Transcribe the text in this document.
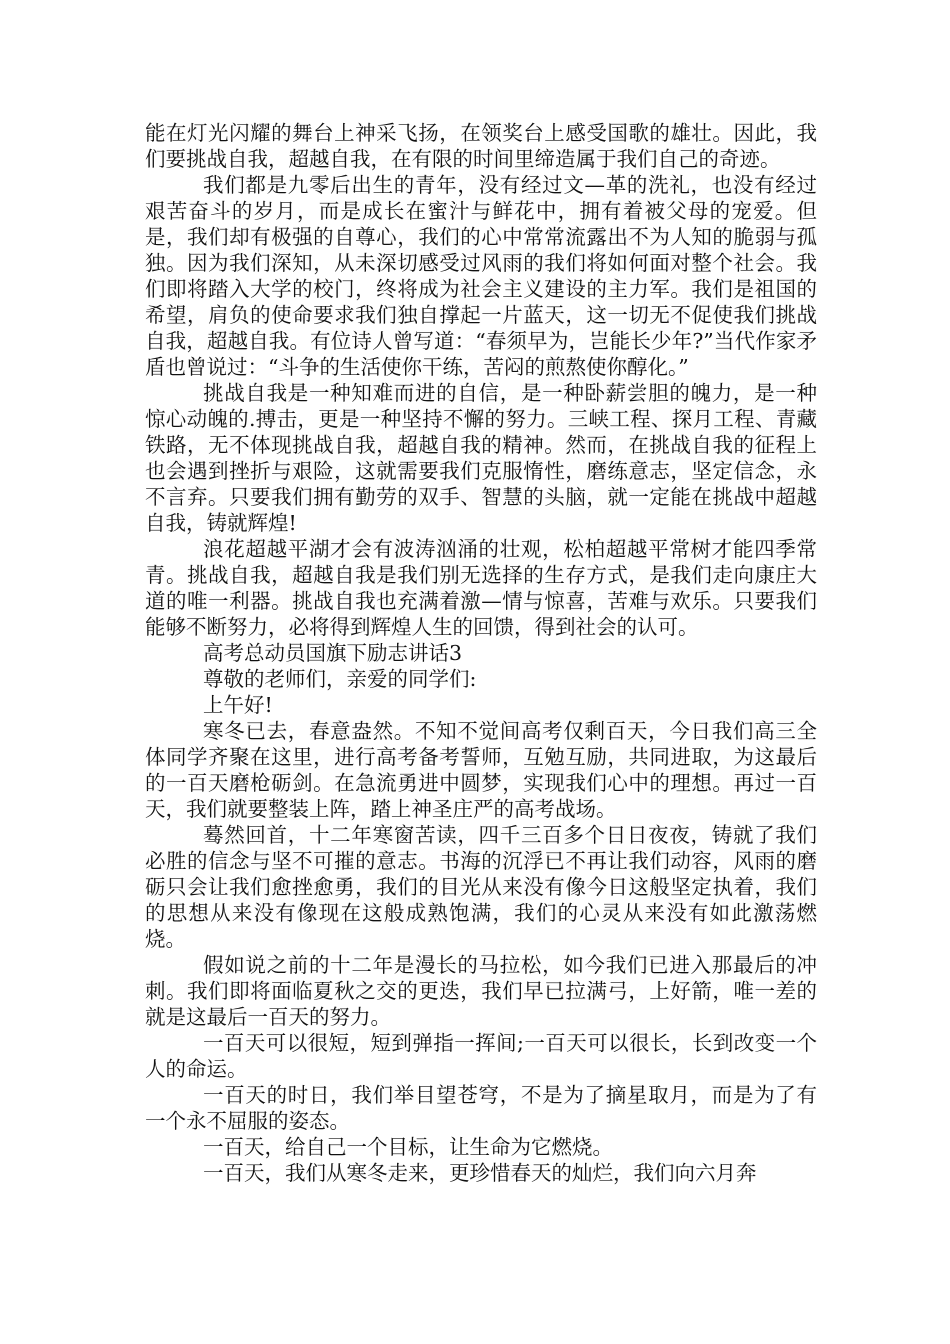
能在灯光闪耀的舞台上神采飞扬，在领奖台上感受国歌的雄壮。因此，我们要挑战自我，超越自我，在有限的时间里缔造属于我们自己的奇迹。

我们都是九零后出生的青年，没有经过文—革的洗礼，也没有经过艰苦奋斗的岁月，而是成长在蜜汁与鲜花中，拥有着被父母的宠爱。但是，我们却有极强的自尊心，我们的心中常常流露出不为人知的脆弱与孤独。因为我们深知，从未深切感受过风雨的我们将如何面对整个社会。我们即将踏入大学的校门，终将成为社会主义建设的主力军。我们是祖国的希望，肩负的使命要求我们独自撑起一片蓝天，这一切无不促使我们挑战自我，超越自我。有位诗人曾写道：“春须早为，岂能长少年?”当代作家矛盾也曾说过：“斗争的生活使你干练，苦闷的煎熬使你醇化。”

挑战自我是一种知难而进的自信，是一种卧薪尝胆的魄力，是一种惊心动魄的.搏击，更是一种坚持不懈的努力。三峡工程、探月工程、青藏铁路，无不体现挑战自我，超越自我的精神。然而，在挑战自我的征程上也会遇到挫折与艰险，这就需要我们克服惰性，磨练意志，坚定信念，永不言弃。只要我们拥有勤劳的双手、智慧的头脑，就一定能在挑战中超越自我，铸就辉煌!

浪花超越平湖才会有波涛汹涌的壮观，松柏超越平常树才能四季常青。挑战自我，超越自我是我们别无选择的生存方式，是我们走向康庄大道的唯一利器。挑战自我也充满着激—情与惊喜，苦难与欢乐。只要我们能够不断努力，必将得到辉煌人生的回馈，得到社会的认可。

高考总动员国旗下励志讲话3

尊敬的老师们，亲爱的同学们:

上午好!

寒冬已去，春意盎然。不知不觉间高考仅剩百天，今日我们高三全体同学齐聚在这里，进行高考备考誓师，互勉互励，共同进取，为这最后的一百天磨枪砺剑。在急流勇进中圆梦，实现我们心中的理想。再过一百天，我们就要整装上阵，踏上神圣庄严的高考战场。

蓦然回首，十二年寒窗苦读，四千三百多个日日夜夜，铸就了我们必胜的信念与坚不可摧的意志。书海的沉浮已不再让我们动容，风雨的磨砺只会让我们愈挫愈勇，我们的目光从来没有像今日这般坚定执着，我们的思想从来没有像现在这般成熟饱满，我们的心灵从来没有如此激荡燃烧。

假如说之前的十二年是漫长的马拉松，如今我们已进入那最后的冲刺。我们即将面临夏秋之交的更迭，我们早已拉满弓，上好箭，唯一差的就是这最后一百天的努力。

一百天可以很短，短到弹指一挥间;一百天可以很长，长到改变一个人的命运。

一百天的时日，我们举目望苍穹，不是为了摘星取月，而是为了有一个永不屈服的姿态。

一百天，给自己一个目标，让生命为它燃烧。

一百天，我们从寒冬走来，更珍惜春天的灿烂，我们向六月奔
